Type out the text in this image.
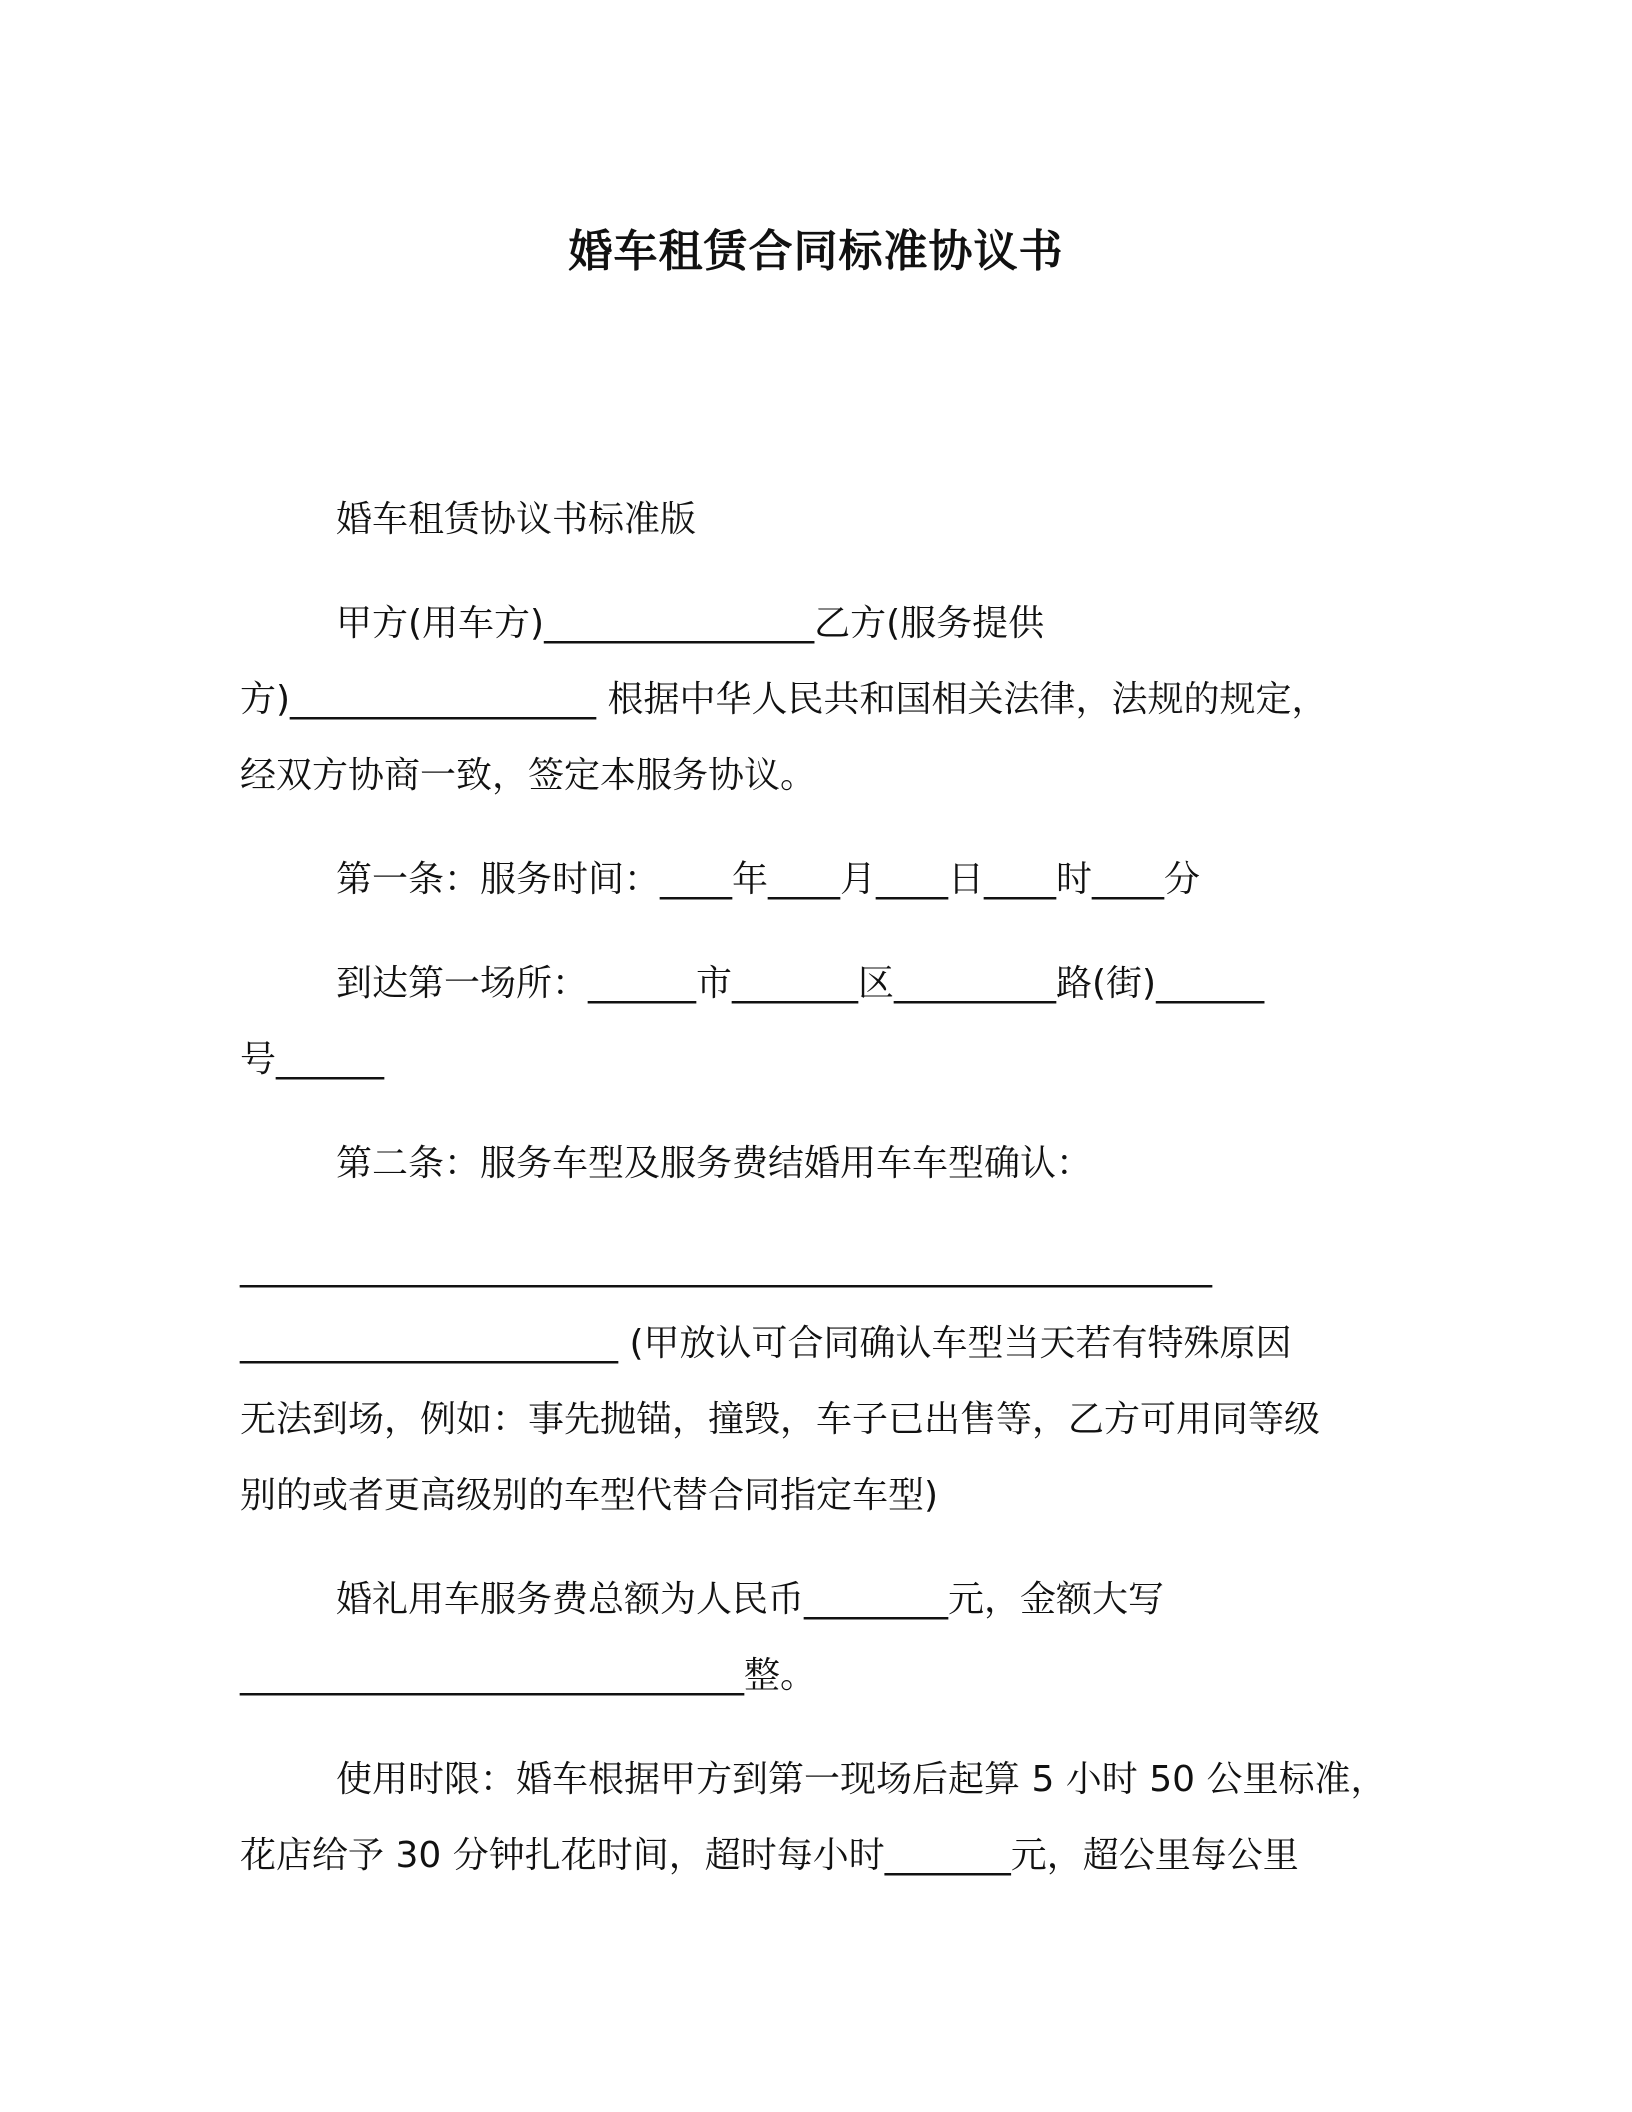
婚车租赁合同标准协议书

婚车租赁协议书标准版

甲方(用车方)_______________乙方(服务提供

方)_________________ 根据中华人民共和国相关法律，法规的规定，

经双方协商一致，签定本服务协议。

第一条：服务时间：____年____月____日____时____分

到达第一场所：______市_______区_________路(街)______

号______

第二条：服务车型及服务费结婚用车车型确认：

______________________________________________________

_____________________ (甲放认可合同确认车型当天若有特殊原因

无法到场，例如：事先抛锚，撞毁，车子已出售等，乙方可用同等级

别的或者更高级别的车型代替合同指定车型)

婚礼用车服务费总额为人民币________元，金额大写

____________________________整。

使用时限：婚车根据甲方到第一现场后起算 5 小时 50 公里标准，

花店给予 30 分钟扎花时间，超时每小时_______元，超公里每公里
